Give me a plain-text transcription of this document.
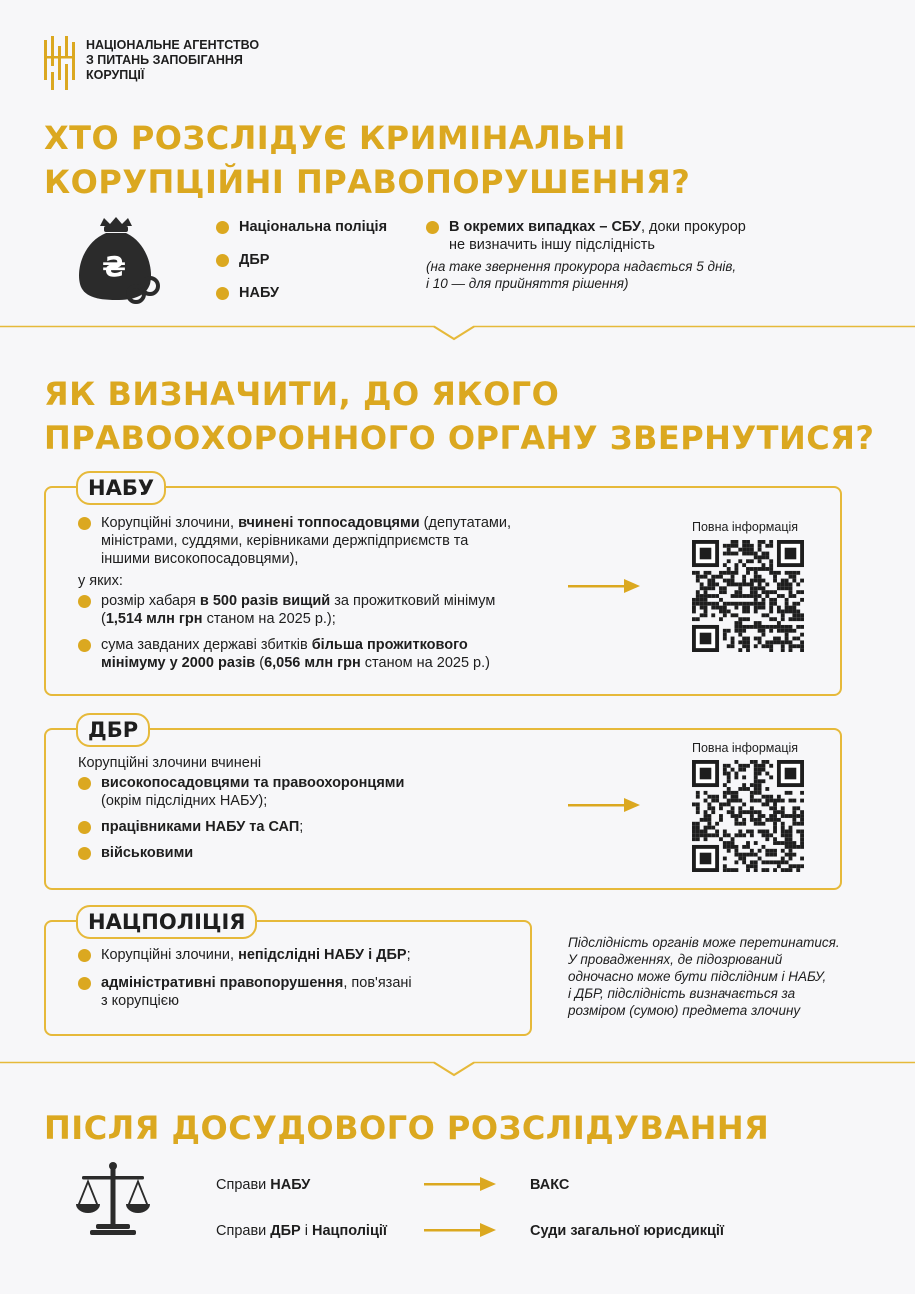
НАЦІОНАЛЬНЕ АГЕНТСТВО
З ПИТАНЬ ЗАПОБІГАННЯ
КОРУПЦІЇ
ХТО РОЗСЛІДУЄ КРИМІНАЛЬНІ
КОРУПЦІЙНІ ПРАВОПОРУШЕННЯ?
₴
Національна поліція
ДБР
НАБУ
В окремих випадках – СБУ, доки прокурор
не визначить іншу підслідність
(на таке звернення прокурора надається 5 днів,
і 10 — для прийняття рішення)
ЯК ВИЗНАЧИТИ, ДО ЯКОГО
ПРАВООХОРОННОГО ОРГАНУ ЗВЕРНУТИСЯ?
НАБУ
Корупційні злочини, вчинені топпосадовцями (депутатами,
міністрами, суддями, керівниками держпідприємств та
іншими високопосадовцями),
у яких:
розмір хабаря в 500 разів вищий за прожитковий мінімум
(1,514 млн грн станом на 2025 р.);
сума завданих державі збитків більша прожиткового
мінімуму у 2000 разів (6,056 млн грн станом на 2025 р.)
Повна інформація
ДБР
Корупційні злочини вчинені
високопосадовцями та правоохоронцями
(окрім підслідних НАБУ);
працівниками НАБУ та САП;
військовими
Повна інформація
НАЦПОЛІЦІЯ
Корупційні злочини, непідслідні НАБУ і ДБР;
адміністративні правопорушення, пов'язані
з корупцією
Підслідність органів може перетинатися.
У провадженнях, де підозрюваний
одночасно може бути підслідним і НАБУ,
і ДБР, підслідність визначається за
розміром (сумою) предмета злочину
ПІСЛЯ ДОСУДОВОГО РОЗСЛІДУВАННЯ
Справи НАБУ	ВАКС
Справи ДБР і Нацполіції	Суди загальної юрисдикції
